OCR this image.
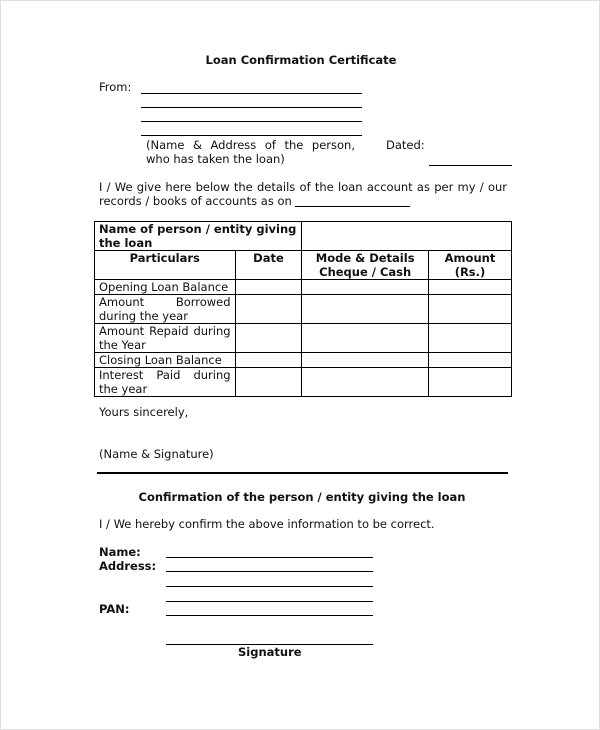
Loan Confirmation Certificate
From:
(Name & Address of the person,
who has taken the loan)
Dated:
I / We give here below the details of the loan account as per my / our
records / books of accounts as on
Name of person / entity giving the loan			
Particulars	Date	Mode & Details Cheque / Cash	Amount (Rs.)
Opening Loan Balance			
Amount Borrowed during the year			
Amount Repaid during the Year			
Closing Loan Balance			
Interest Paid during the year			
Yours sincerely,
(Name & Signature)
Confirmation of the person / entity giving the loan
I / We hereby confirm the above information to be correct.
Name:
Address:
PAN:
Signature
